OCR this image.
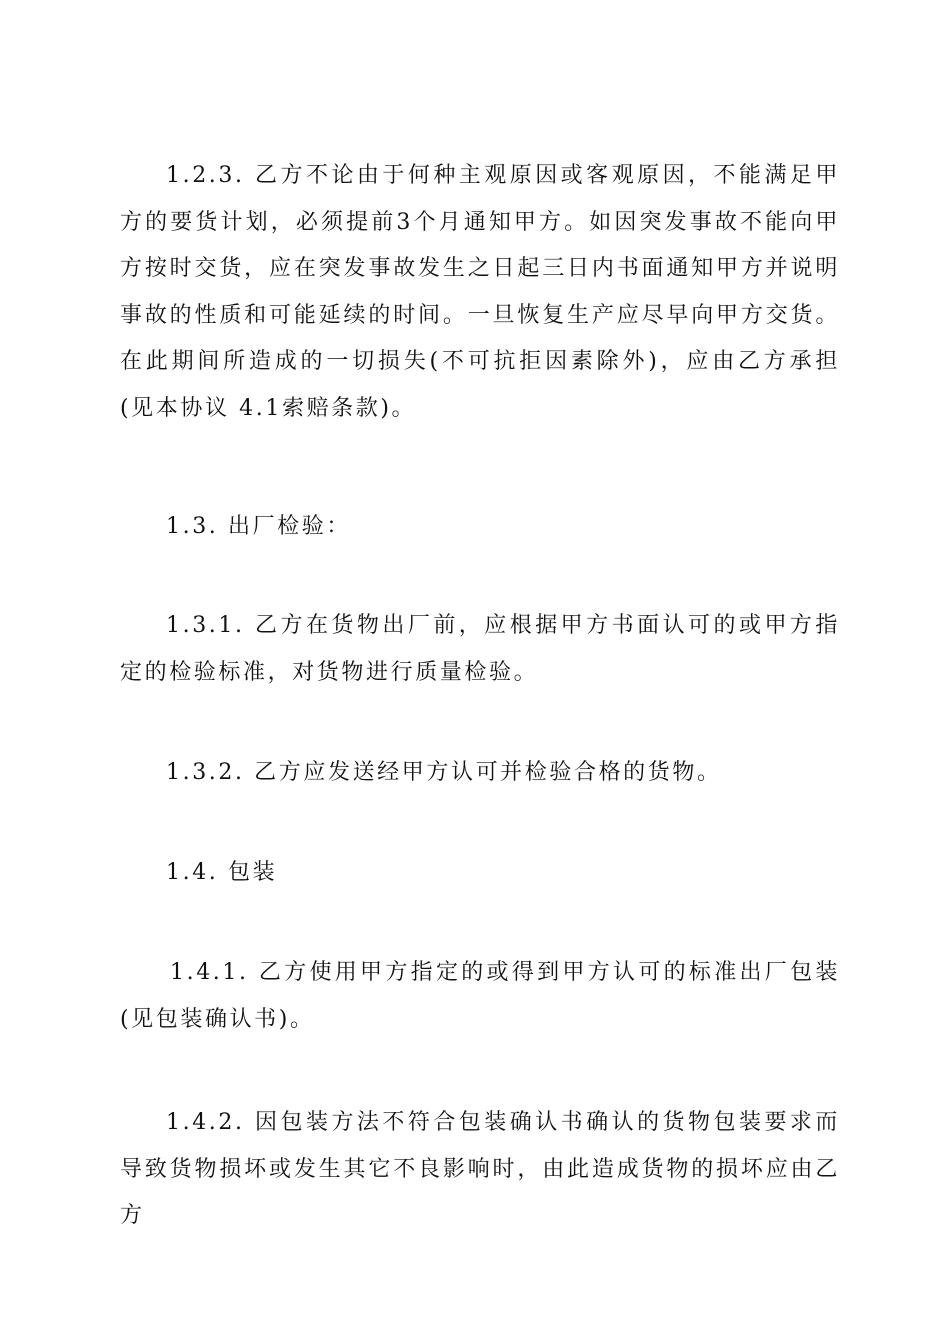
1.2.3. 乙方不论由于何种主观原因或客观原因，不能满足甲方的要货计划，必须提前3个月通知甲方。如因突发事故不能向甲方按时交货，应在突发事故发生之日起三日内书面通知甲方并说明事故的性质和可能延续的时间。一旦恢复生产应尽早向甲方交货。在此期间所造成的一切损失(不可抗拒因素除外)，应由乙方承担(见本协议 4.1索赔条款)。

1.3. 出厂检验：

1.3.1. 乙方在货物出厂前，应根据甲方书面认可的或甲方指定的检验标准，对货物进行质量检验。

1.3.2. 乙方应发送经甲方认可并检验合格的货物。

1.4. 包装

1.4.1. 乙方使用甲方指定的或得到甲方认可的标准出厂包装(见包装确认书)。

1.4.2. 因包装方法不符合包装确认书确认的货物包装要求而导致货物损坏或发生其它不良影响时，由此造成货物的损坏应由乙方
